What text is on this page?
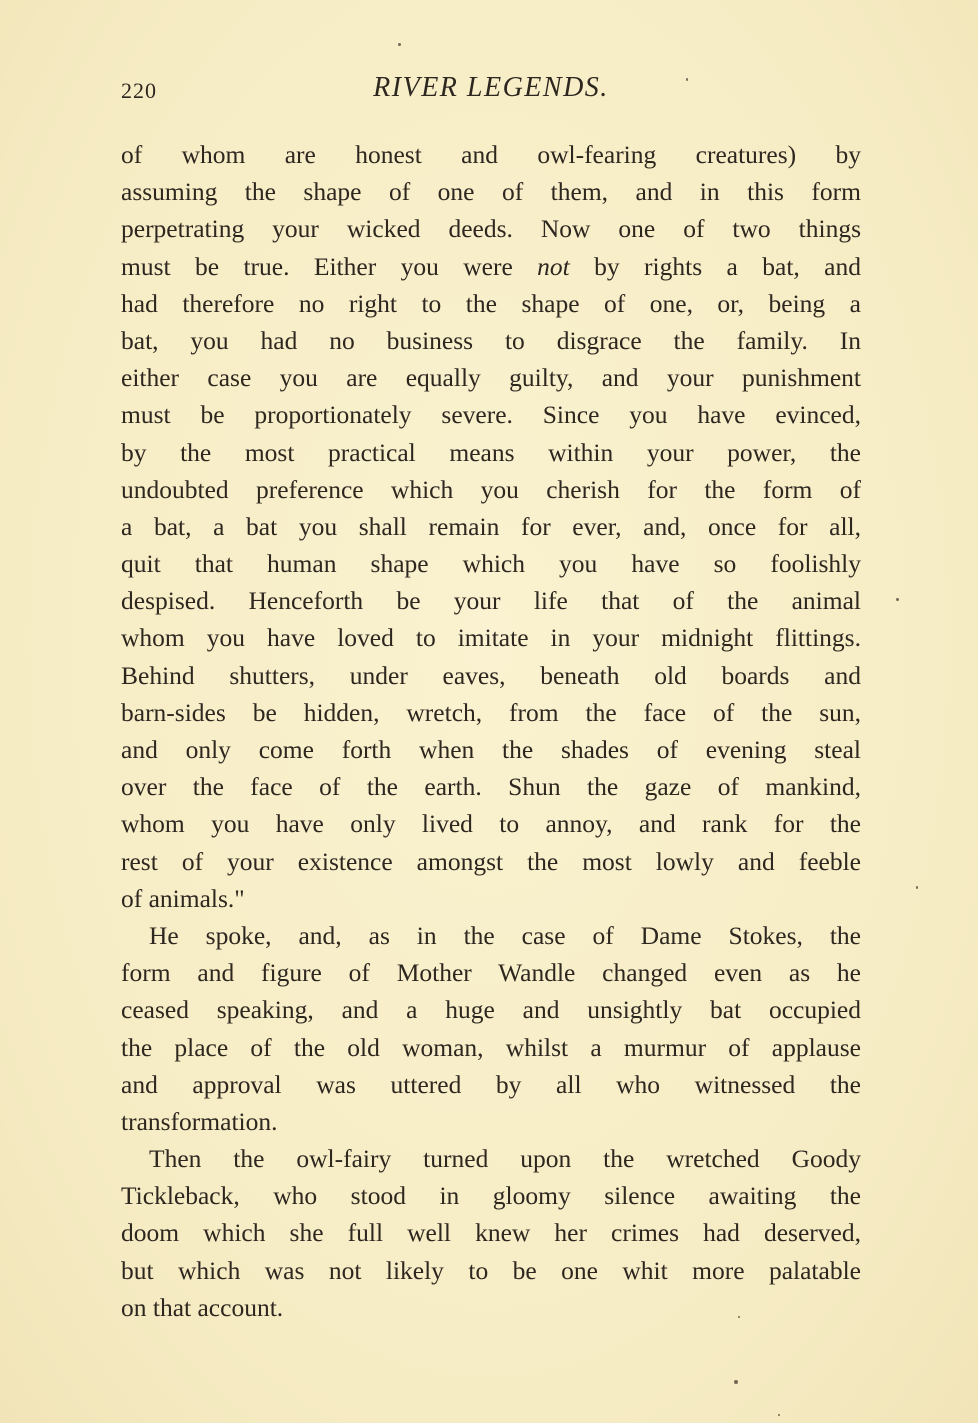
220	RIVER LEGENDS.
of whom are honest and owl-fearing creatures) by
assuming the shape of one of them, and in this form
perpetrating your wicked deeds. Now one of two things
must be true. Either you were not by rights a bat, and
had therefore no right to the shape of one, or, being a
bat, you had no business to disgrace the family. In
either case you are equally guilty, and your punishment
must be proportionately severe. Since you have evinced,
by the most practical means within your power, the
undoubted preference which you cherish for the form of
a bat, a bat you shall remain for ever, and, once for all,
quit that human shape which you have so foolishly
despised. Henceforth be your life that of the animal
whom you have loved to imitate in your midnight flittings.
Behind shutters, under eaves, beneath old boards and
barn-sides be hidden, wretch, from the face of the sun,
and only come forth when the shades of evening steal
over the face of the earth. Shun the gaze of mankind,
whom you have only lived to annoy, and rank for the
rest of your existence amongst the most lowly and feeble
of animals."
He spoke, and, as in the case of Dame Stokes, the
form and figure of Mother Wandle changed even as he
ceased speaking, and a huge and unsightly bat occupied
the place of the old woman, whilst a murmur of applause
and approval was uttered by all who witnessed the
transformation.
Then the owl-fairy turned upon the wretched Goody
Tickleback, who stood in gloomy silence awaiting the
doom which she full well knew her crimes had deserved,
but which was not likely to be one whit more palatable
on that account.
